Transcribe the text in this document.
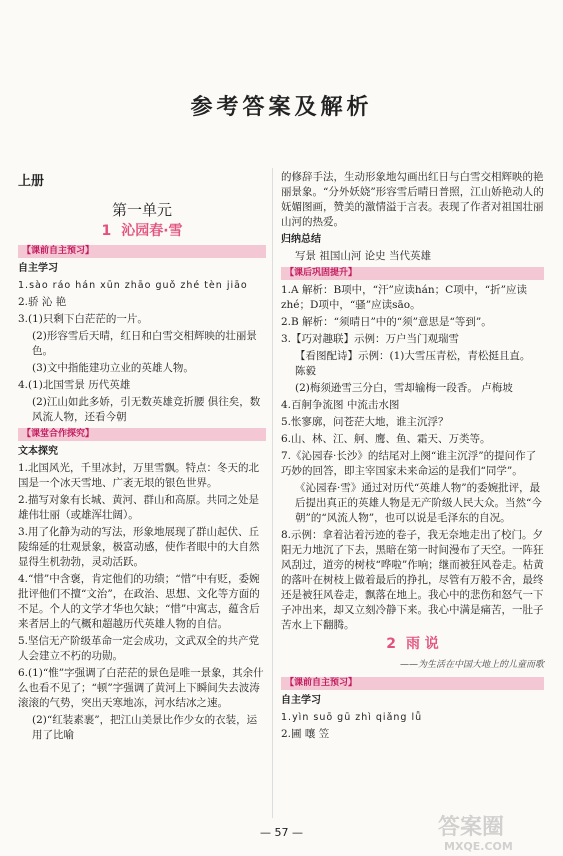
参考答案及解析
上册
第一单元
1 沁园春·雪
【课前自主预习】
自主学习
1.sào ráo hán xūn zhāo guǒ zhé tèn jiāo
2.骄 沁 艳
3.(1)只剩下白茫茫的一片。
(2)形容雪后天晴，红日和白雪交相辉映的壮丽景色。
(3)文中指能建功立业的英雄人物。
4.(1)北国雪景 历代英雄
(2)江山如此多娇，引无数英雄竞折腰 俱往矣，数风流人物，还看今朝
【课堂合作探究】
文本探究
1.北国风光，千里冰封，万里雪飘。特点：冬天的北国是一个冰天雪地、广袤无垠的银色世界。
2.描写对象有长城、黄河、群山和高原。共同之处是雄伟壮丽（或雄浑壮阔）。
3.用了化静为动的写法，形象地展现了群山起伏、丘陵绵延的壮观景象，极富动感，使作者眼中的大自然显得生机勃勃，灵动活跃。
4.“惜”中含褒，肯定他们的功绩；“惜”中有贬，委婉批评他们不擅“文治”，在政治、思想、文化等方面的不足。个人的文学才华也欠缺；“惜”中寓志，蕴含后来者居上的气概和超越历代英雄人物的自信。
5.坚信无产阶级革命一定会成功，文武双全的共产党人会建立不朽的功勋。
6.(1)“惟”字强调了白茫茫的景色是唯一景象，其余什么也看不见了；“顿”字强调了黄河上下瞬间失去波涛滚滚的气势，突出天寒地冻，河水结冰之速。
(2)“红装素裹”，把江山美景比作少女的衣装，运用了比喻
的修辞手法，生动形象地勾画出红日与白雪交相辉映的艳丽景象。“分外妖娆”形容雪后晴日普照，江山娇艳动人的妩媚图画，赞美的激情溢于言表。表现了作者对祖国壮丽山河的热爱。
归纳总结
写景 祖国山河 论史 当代英雄
【课后巩固提升】
1.A 解析：B项中，“汗”应读hán；C项中，“折”应读zhé；D项中，“骚”应读sāo。
2.B 解析：“须晴日”中的“须”意思是“等到”。
3.【巧对趣联】示例：万户当门观瑞雪
【看图配诗】示例：(1)大雪压青松，青松挺且直。 陈毅
(2)梅须逊雪三分白，雪却输梅一段香。 卢梅坡
4.百舸争流图 中流击水图
5.怅寥廓，问苍茫大地，谁主沉浮？
6.山、林、江、舸、鹰、鱼、霜天、万类等。
7.《沁园春·长沙》的结尾对上阕“谁主沉浮”的提问作了巧妙的回答，即主宰国家未来命运的是我们“同学”。
《沁园春·雪》通过对历代“英雄人物”的委婉批评，最后提出真正的英雄人物是无产阶级人民大众。当然“今朝”的“风流人物”，也可以说是毛泽东的自况。
8.示例：拿着沾着污迹的卷子，我无奈地走出了校门。夕阳无力地沉了下去，黑暗在第一时间漫布了天空。一阵狂风刮过，道旁的树枝“哗啦”作响；继而被狂风卷走。枯黄的落叶在树枝上做着最后的挣扎，尽管有万般不舍，最终还是被狂风卷走，飘落在地上。我心中的悲伤和怒气一下子冲出来，却又立刻冷静下来。我心中满是痛苦，一肚子苦水上下翻腾。
2 雨 说
——为生活在中国大地上的儿童而歌
【课前自主预习】
自主学习
1.yìn suō gū zhì qiǎng lǚ
2.圃 嚷 笠
— 57 —	答案圈
MXQE.COM
